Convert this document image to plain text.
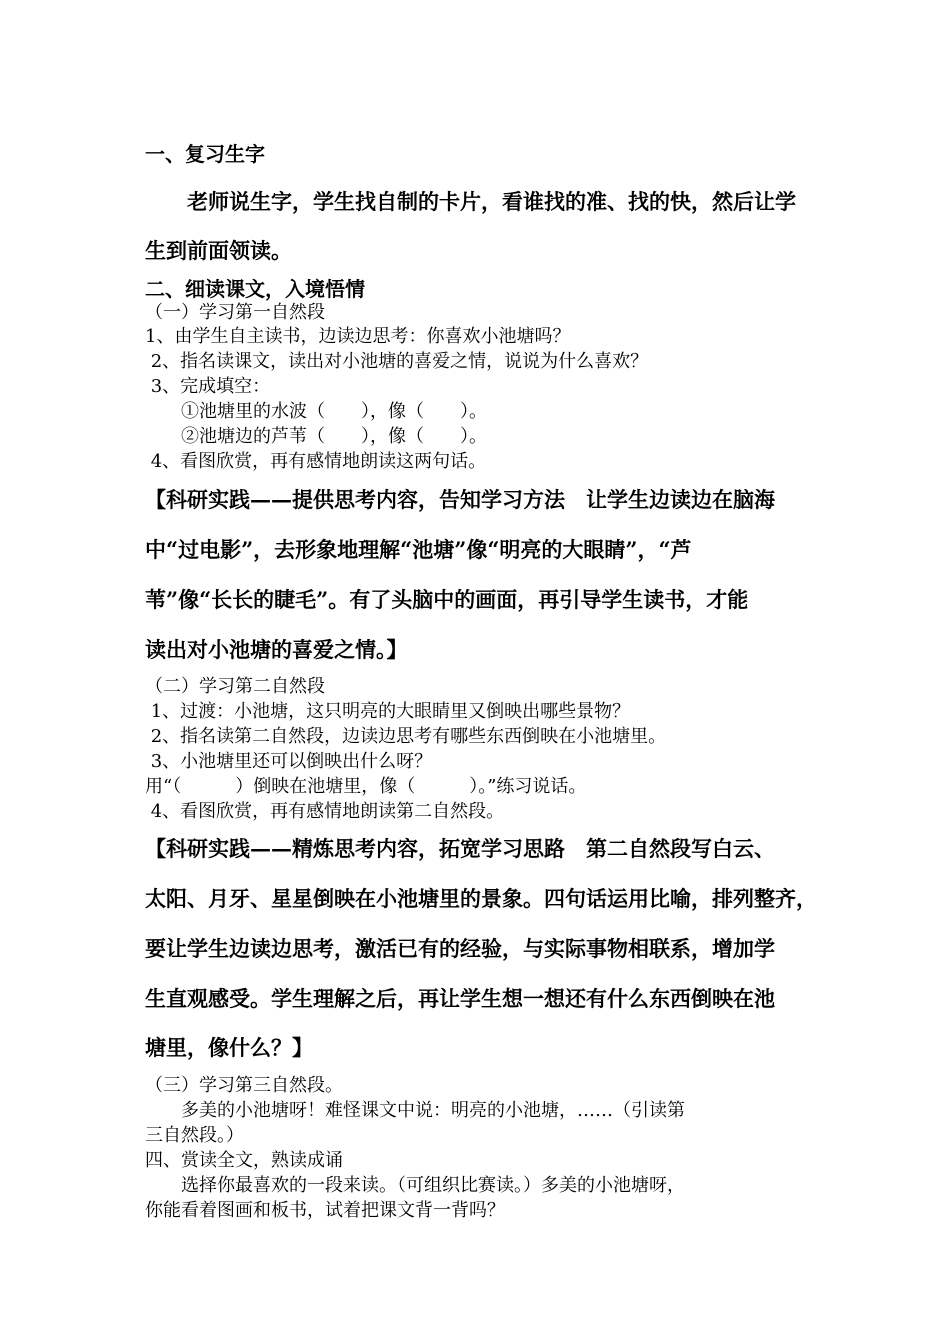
一、复习生字

　　老师说生字，学生找自制的卡片，看谁找的准、找的快，然后让学

生到前面领读。

二、细读课文，入境悟情

（一）学习第一自然段

1、由学生自主读书，边读边思考：你喜欢小池塘吗？

2、指名读课文，读出对小池塘的喜爱之情，说说为什么喜欢？

3、完成填空：

　　①池塘里的水波（　　），像（　　）。

　　②池塘边的芦苇（　　），像（　　）。

4、看图欣赏，再有感情地朗读这两句话。

【科研实践——提供思考内容，告知学习方法　让学生边读边在脑海

中“过电影”，去形象地理解“池塘”像“明亮的大眼睛”，“芦

苇”像“长长的睫毛”。有了头脑中的画面，再引导学生读书，才能

读出对小池塘的喜爱之情。】

（二）学习第二自然段

1、过渡：小池塘，这只明亮的大眼睛里又倒映出哪些景物？

2、指名读第二自然段，边读边思考有哪些东西倒映在小池塘里。

3、小池塘里还可以倒映出什么呀？

用“（　　　）倒映在池塘里，像（　　　）。”练习说话。

4、看图欣赏，再有感情地朗读第二自然段。

【科研实践——精炼思考内容，拓宽学习思路　第二自然段写白云、

太阳、月牙、星星倒映在小池塘里的景象。四句话运用比喻，排列整齐，

要让学生边读边思考，激活已有的经验，与实际事物相联系，增加学

生直观感受。学生理解之后，再让学生想一想还有什么东西倒映在池

塘里，像什么？】

（三）学习第三自然段。

　　多美的小池塘呀！难怪课文中说：明亮的小池塘，……（引读第

三自然段。）

四、赏读全文，熟读成诵

　　选择你最喜欢的一段来读。（可组织比赛读。）多美的小池塘呀，

你能看着图画和板书，试着把课文背一背吗？
